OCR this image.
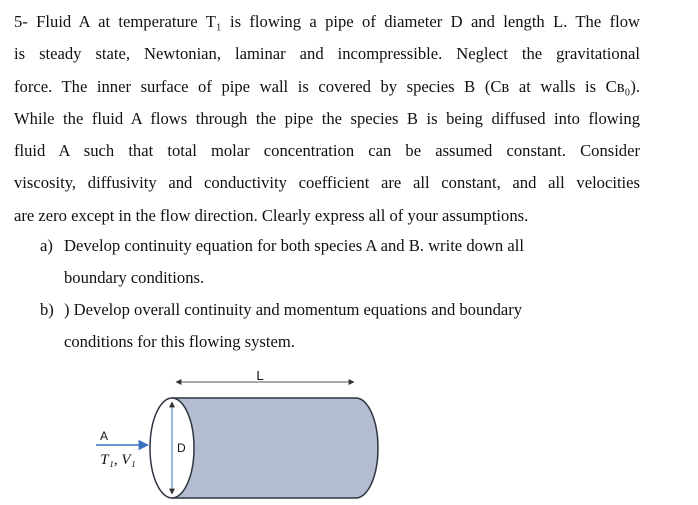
5- Fluid A at temperature T₁ is flowing a pipe of diameter D and length L. The flow
is steady state, Newtonian, laminar and incompressible. Neglect the gravitational
force. The inner surface of pipe wall is covered by species B (Cʙ at walls is Cʙ₀).
While the fluid A flows through the pipe the species B is being diffused into flowing
fluid A such that total molar concentration can be assumed constant. Consider
viscosity, diffusivity and conductivity coefficient are all constant, and all velocities
are zero except in the flow direction. Clearly express all of your assumptions.
a) Develop continuity equation for both species A and B. write down all
boundary conditions.
b) ) Develop overall continuity and momentum equations and boundary
conditions for this flowing system.
L
D
A
T₁, V₁
